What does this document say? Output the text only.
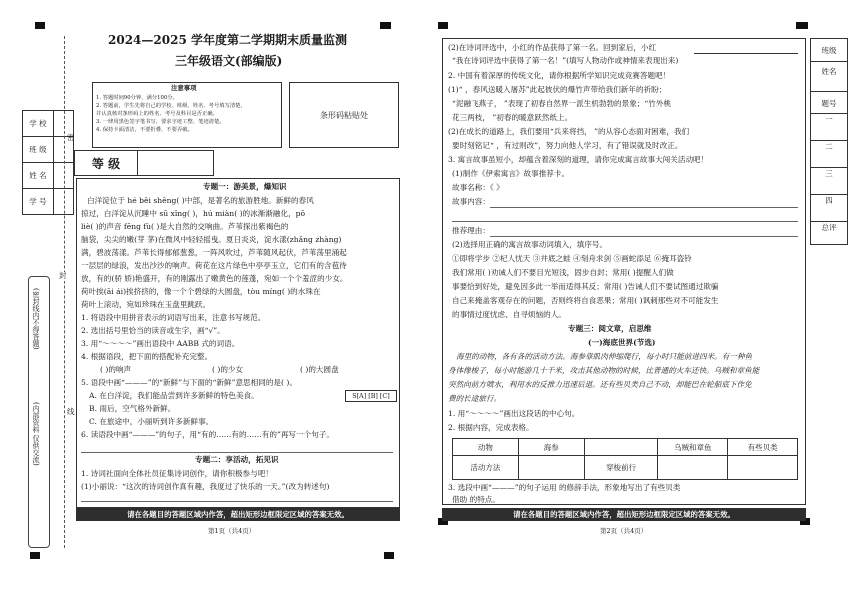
2024—2025 学年度第二学期期末质量监测
三年级语文(部编版)
注意事项
1. 答题时间90分钟，满分100分。
2. 答题前，学生先将自己的学校、班级、姓名、考号填写清楚，
并认真核对条形码上的姓名、考号及科目是否正确。
3. 一律用黑色签字笔书写，要求字迹工整、笔迹清楚。
4. 保持卡面清洁，不要折叠、不要弄破。
条形码粘贴处
等 级
学 校
班 级
姓 名
学 号
密
封
线
(密封线内不得答题)
(内部资料 仅供交流)
专题一：游美景，爆知识
白洋淀位于 hé běi shěng( )中部，是著名的旅游胜地。新鲜的春风
掠过，白洋淀从沉睡中 sū xǐng( )，hú miàn( )的冰渐渐融化，pō
liè( )的声音 fēng fù( )是大自然的交响曲。芦苇探出紫褐色的
脑袋，尖尖的嫩(芽 茅)在微风中轻轻摇曳。夏日炎炎，淀水漾(zhǎng zhàng)
满，碧波荡漾。芦苇长得郁郁葱葱，一阵风吹过，芦苇随风起伏，芦苇荡里涌起
一层层的绿浪，发出沙沙的响声。荷花在这片绿色中亭亭玉立，它们有的含苞待
放，有的(骄 娇)艳盛开，有的刚露出了嫩黄色的莲蓬，宛如一个个羞涩的少女。
荷叶挨(āi ái)挨挤挤的，像一个个碧绿的大圆盘，tòu míng( )的水珠在
荷叶上滚动，宛如珍珠在玉盘里跳跃。
1. 将语段中用拼音表示的词语写出来，注意书写规范。
2. 选出括号里恰当的读音或生字，画“√”。
3. 用“～～～～”画出语段中 AABB 式的词语。
4. 根据语段，把下面的搭配补充完整。
( )的响声	( )的少女	( )的大圆盘
5. 语段中画“———”的“新鲜”与下面的“新鲜”意思相同的是( )。
S[A] [B] [C]
A. 在白洋淀，我们能品尝到许多新鲜的特色美食。
B. 雨后，空气格外新鲜。
C. 在旅途中，小丽听到许多新鲜事。
6. 读语段中画“———”的句子，用“有的……有的……有的”再写一个句子。
专题二：享活动，拓见识
1. 诗词社面向全体社员征集诗词创作，请你积极参与吧！
(1)小丽说：“这次的诗词创作真有趣，我度过了快乐的一天。”(改为转述句)
请在各题目的答题区域内作答，超出矩形边框限定区域的答案无效。
第1页（共4页）
(2)在诗词评选中，小红的作品获得了第一名。回到家后，小红
“我在诗词评选中获得了第一名！”(填写人物动作或神情来表现出来)
2. 中国有着深厚的传统文化，请你根据所学知识完成竞赛答题吧！
(1)“ ，春风送暖入屠苏”此起彼伏的爆竹声带给我们新年的祈盼；
“泥融飞燕子， ”表现了初春自然界一派生机勃勃的景象；“竹外桃
花三两枝， ”初春的暖意跃然纸上。
(2)在成长的道路上，我们要用“兵来将挡， ”的从容心态面对困难，我们
要时刻铭记“ ，有过则改”，努力向他人学习，有了错误就及时改正。
3. 寓言故事虽短小，却蕴含着深刻的道理，请你完成寓言故事大闯关活动吧！
(1)制作《伊索寓言》故事推荐卡。
故事名称：《 》
故事内容：
推荐理由：
(2)选择用正确的寓言故事动词填入，填序号。
①即将学步 ②杞人忧天 ③井底之蛙 ④刻舟求剑 ⑤画蛇添足 ⑥掩耳盗铃
我们常用( )劝诫人们不要目光短浅，固步自封；常用( )提醒人们做
事要恰到好处，避免因多此一举而适得其反；常用( )告诫人们不要试图通过欺骗
自己来掩盖客观存在的问题，否则终将自食恶果；常用( )讽刺那些对不可能发生
的事情过度忧虑、自寻烦恼的人。
专题三：阅文章，启思维
(一)海底世界(节选)
海里的动物，各有各的活动方法。海参靠肌肉伸缩爬行，每小时只能前进四米。有一种鱼
身体像梭子，每小时能游几十千米，攻击其他动物的时候，比普通的火车还快。乌贼和章鱼能
突然向前方喷水，利用水的反推力迅速后退。还有些贝类自己不动，却能巴在轮船底下作免
费的长途旅行。
1. 用“～～～～”画出这段话的中心句。
2. 根据内容，完成表格。
动物	海参		乌贼和章鱼	有些贝类
活动方法		穿梭前行		
3. 选段中画“———”的句子运用 的修辞手法，形象地写出了有些贝类
借助 的特点。
请在各题目的答题区域内作答，超出矩形边框限定区域的答案无效。
第2页（共4页）
班级
姓名
题号
一
二
三
四
总评
